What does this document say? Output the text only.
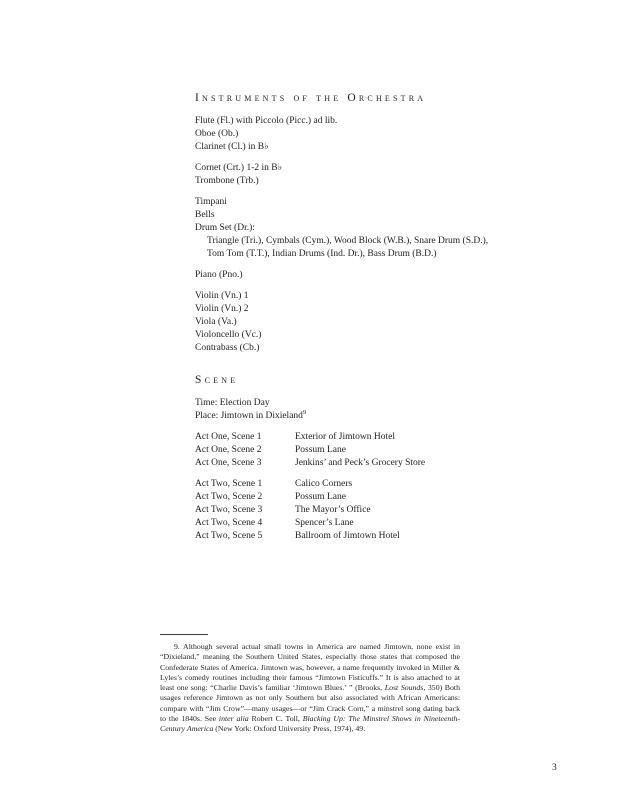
Instruments of the Orchestra
Flute (Fl.) with Piccolo (Picc.) ad lib.
Oboe (Ob.)
Clarinet (Cl.) in B♭
Cornet (Crt.) 1-2 in B♭
Trombone (Trb.)
Timpani
Bells
Drum Set (Dr.):
Triangle (Tri.), Cymbals (Cym.), Wood Block (W.B.), Snare Drum (S.D.),
Tom Tom (T.T.), Indian Drums (Ind. Dr.), Bass Drum (B.D.)
Piano (Pno.)
Violin (Vn.) 1
Violin (Vn.) 2
Viola (Va.)
Violoncello (Vc.)
Contrabass (Cb.)
Scene
Time: Election Day
Place: Jimtown in Dixieland$^9$
Act One, Scene 1	Exterior of Jimtown Hotel
Act One, Scene 2	Possum Lane
Act One, Scene 3	Jenkins’ and Peck’s Grocery Store
Act Two, Scene 1	Calico Corners
Act Two, Scene 2	Possum Lane
Act Two, Scene 3	The Mayor’s Office
Act Two, Scene 4	Spencer’s Lane
Act Two, Scene 5	Ballroom of Jimtown Hotel

9. Although several actual small towns in America are named Jimtown, none exist in “Dixieland,” meaning the Southern United States, especially those states that composed the Confederate States of America. Jimtown was, however, a name frequently invoked in Miller & Lyles’s comedy routines including their famous “Jimtown Fisticuffs.” It is also attached to at least one song: “Charlie Davis’s familiar ‘Jimtown Blues.’ ” (Brooks, Lost Sounds, 350) Both usages reference Jimtown as not only Southern but also associated with African Americans: compare with “Jim Crow”—many usages—or “Jim Crack Corn,” a minstrel song dating back to the 1840s. See inter alia Robert C. Toll, Blacking Up: The Minstrel Shows in Nineteenth-Century America (New York: Oxford University Press, 1974), 49.

3
